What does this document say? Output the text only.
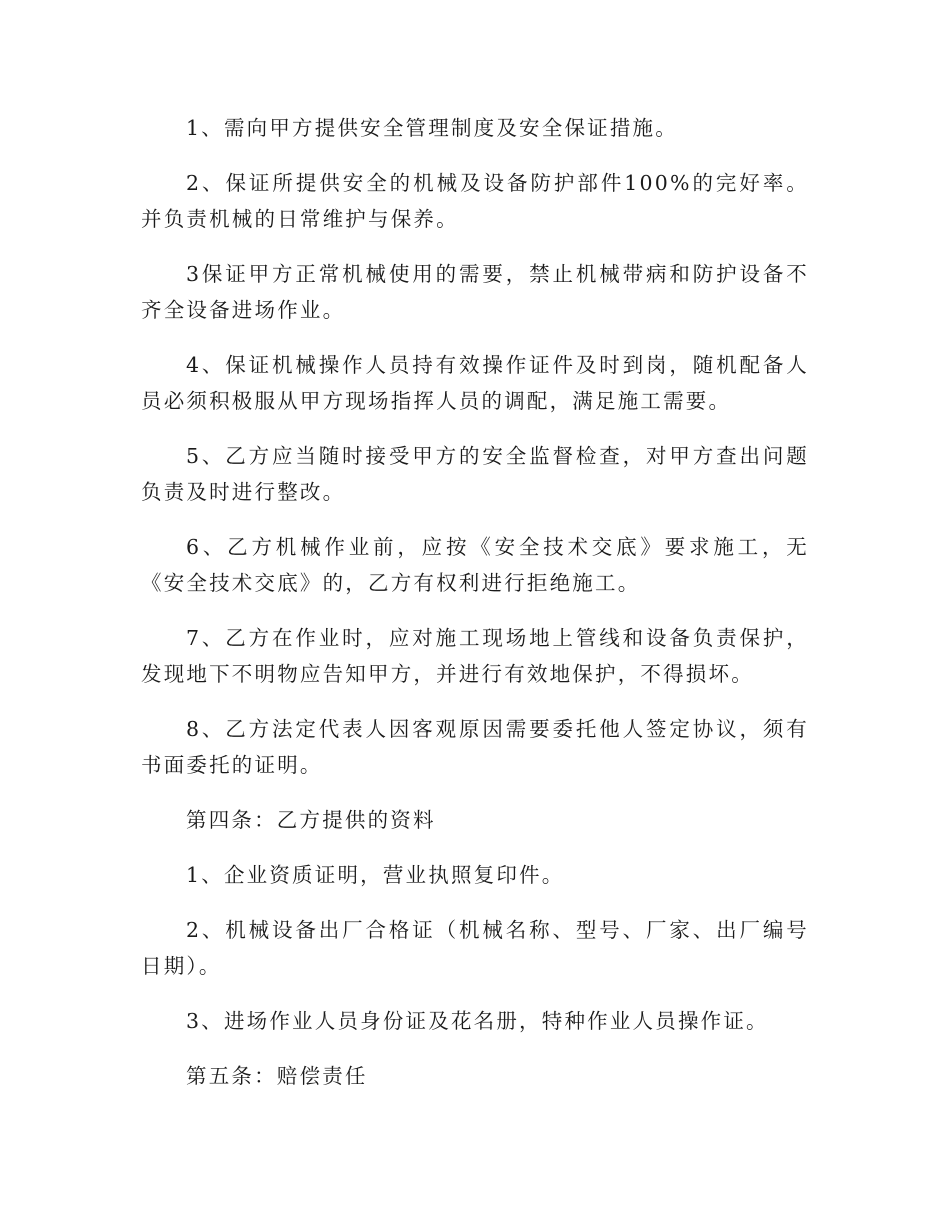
1、需向甲方提供安全管理制度及安全保证措施。

2、保证所提供安全的机械及设备防护部件100%的完好率。并负责机械的日常维护与保养。

3保证甲方正常机械使用的需要，禁止机械带病和防护设备不齐全设备进场作业。

4、保证机械操作人员持有效操作证件及时到岗，随机配备人员必须积极服从甲方现场指挥人员的调配，满足施工需要。

5、乙方应当随时接受甲方的安全监督检查，对甲方查出问题负责及时进行整改。

6、乙方机械作业前，应按《安全技术交底》要求施工，无《安全技术交底》的，乙方有权利进行拒绝施工。

7、乙方在作业时，应对施工现场地上管线和设备负责保护，发现地下不明物应告知甲方，并进行有效地保护，不得损坏。

8、乙方法定代表人因客观原因需要委托他人签定协议，须有书面委托的证明。

第四条：乙方提供的资料

1、企业资质证明，营业执照复印件。

2、机械设备出厂合格证（机械名称、型号、厂家、出厂编号日期）。

3、进场作业人员身份证及花名册，特种作业人员操作证。

第五条：赔偿责任
